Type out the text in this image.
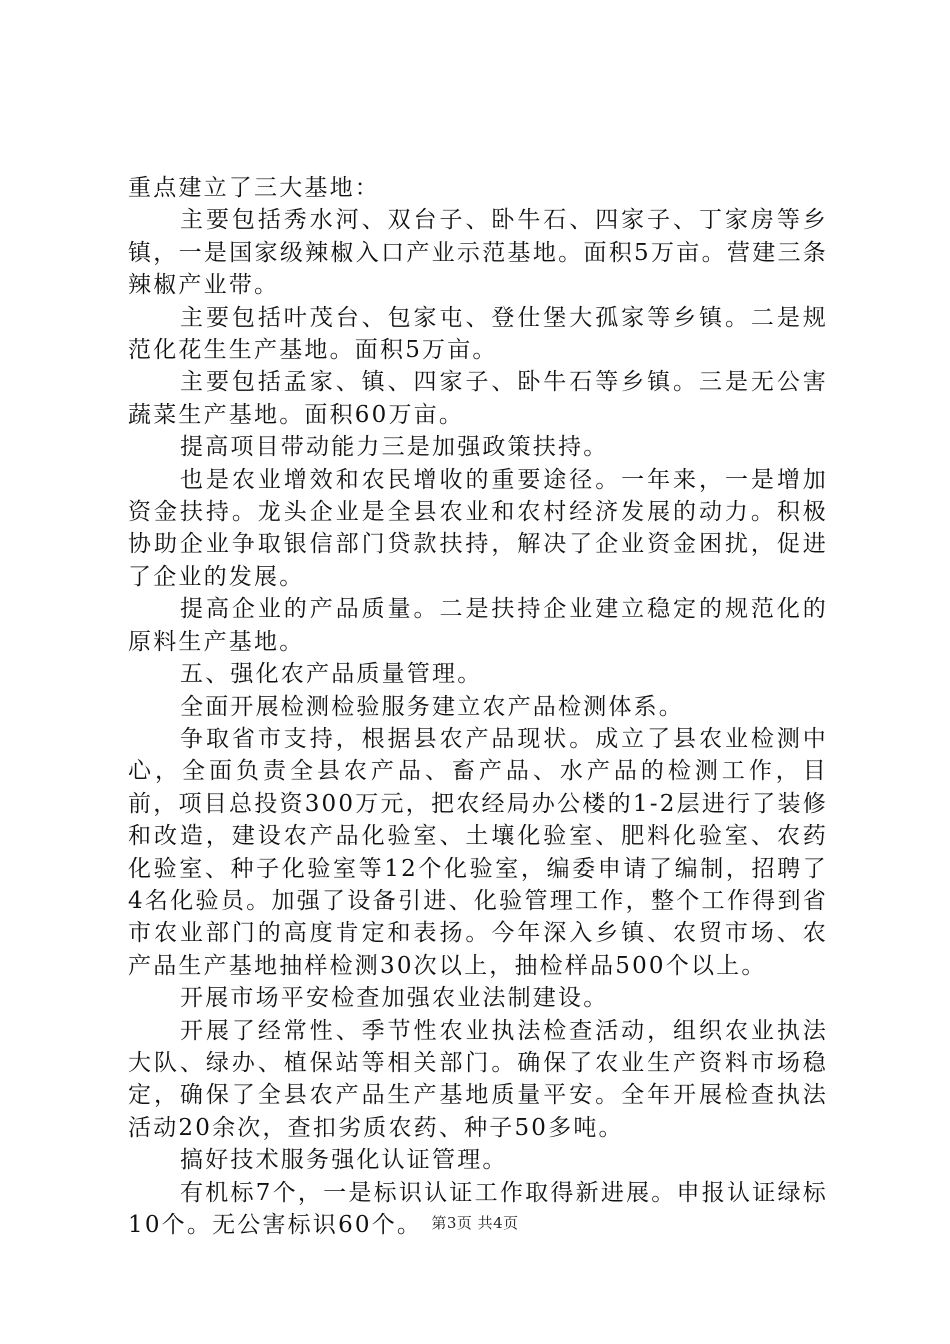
重点建立了三大基地：

主要包括秀水河、双台子、卧牛石、四家子、丁家房等乡镇，一是国家级辣椒入口产业示范基地。面积5万亩。营建三条辣椒产业带。

主要包括叶茂台、包家屯、登仕堡大孤家等乡镇。二是规范化花生生产基地。面积5万亩。

主要包括孟家、镇、四家子、卧牛石等乡镇。三是无公害蔬菜生产基地。面积60万亩。

提高项目带动能力三是加强政策扶持。

也是农业增效和农民增收的重要途径。一年来，一是增加资金扶持。龙头企业是全县农业和农村经济发展的动力。积极协助企业争取银信部门贷款扶持，解决了企业资金困扰，促进了企业的发展。

提高企业的产品质量。二是扶持企业建立稳定的规范化的原料生产基地。

五、强化农产品质量管理。

全面开展检测检验服务建立农产品检测体系。

争取省市支持，根据县农产品现状。成立了县农业检测中心，全面负责全县农产品、畜产品、水产品的检测工作，目前，项目总投资300万元，把农经局办公楼的1-2层进行了装修和改造，建设农产品化验室、土壤化验室、肥料化验室、农药化验室、种子化验室等12个化验室，编委申请了编制，招聘了4名化验员。加强了设备引进、化验管理工作，整个工作得到省市农业部门的高度肯定和表扬。今年深入乡镇、农贸市场、农产品生产基地抽样检测30次以上，抽检样品500个以上。

开展市场平安检查加强农业法制建设。

开展了经常性、季节性农业执法检查活动，组织农业执法大队、绿办、植保站等相关部门。确保了农业生产资料市场稳定，确保了全县农产品生产基地质量平安。全年开展检查执法活动20余次，查扣劣质农药、种子50多吨。

搞好技术服务强化认证管理。

有机标7个，一是标识认证工作取得新进展。申报认证绿标10个。无公害标识60个。 第3页 共4页
